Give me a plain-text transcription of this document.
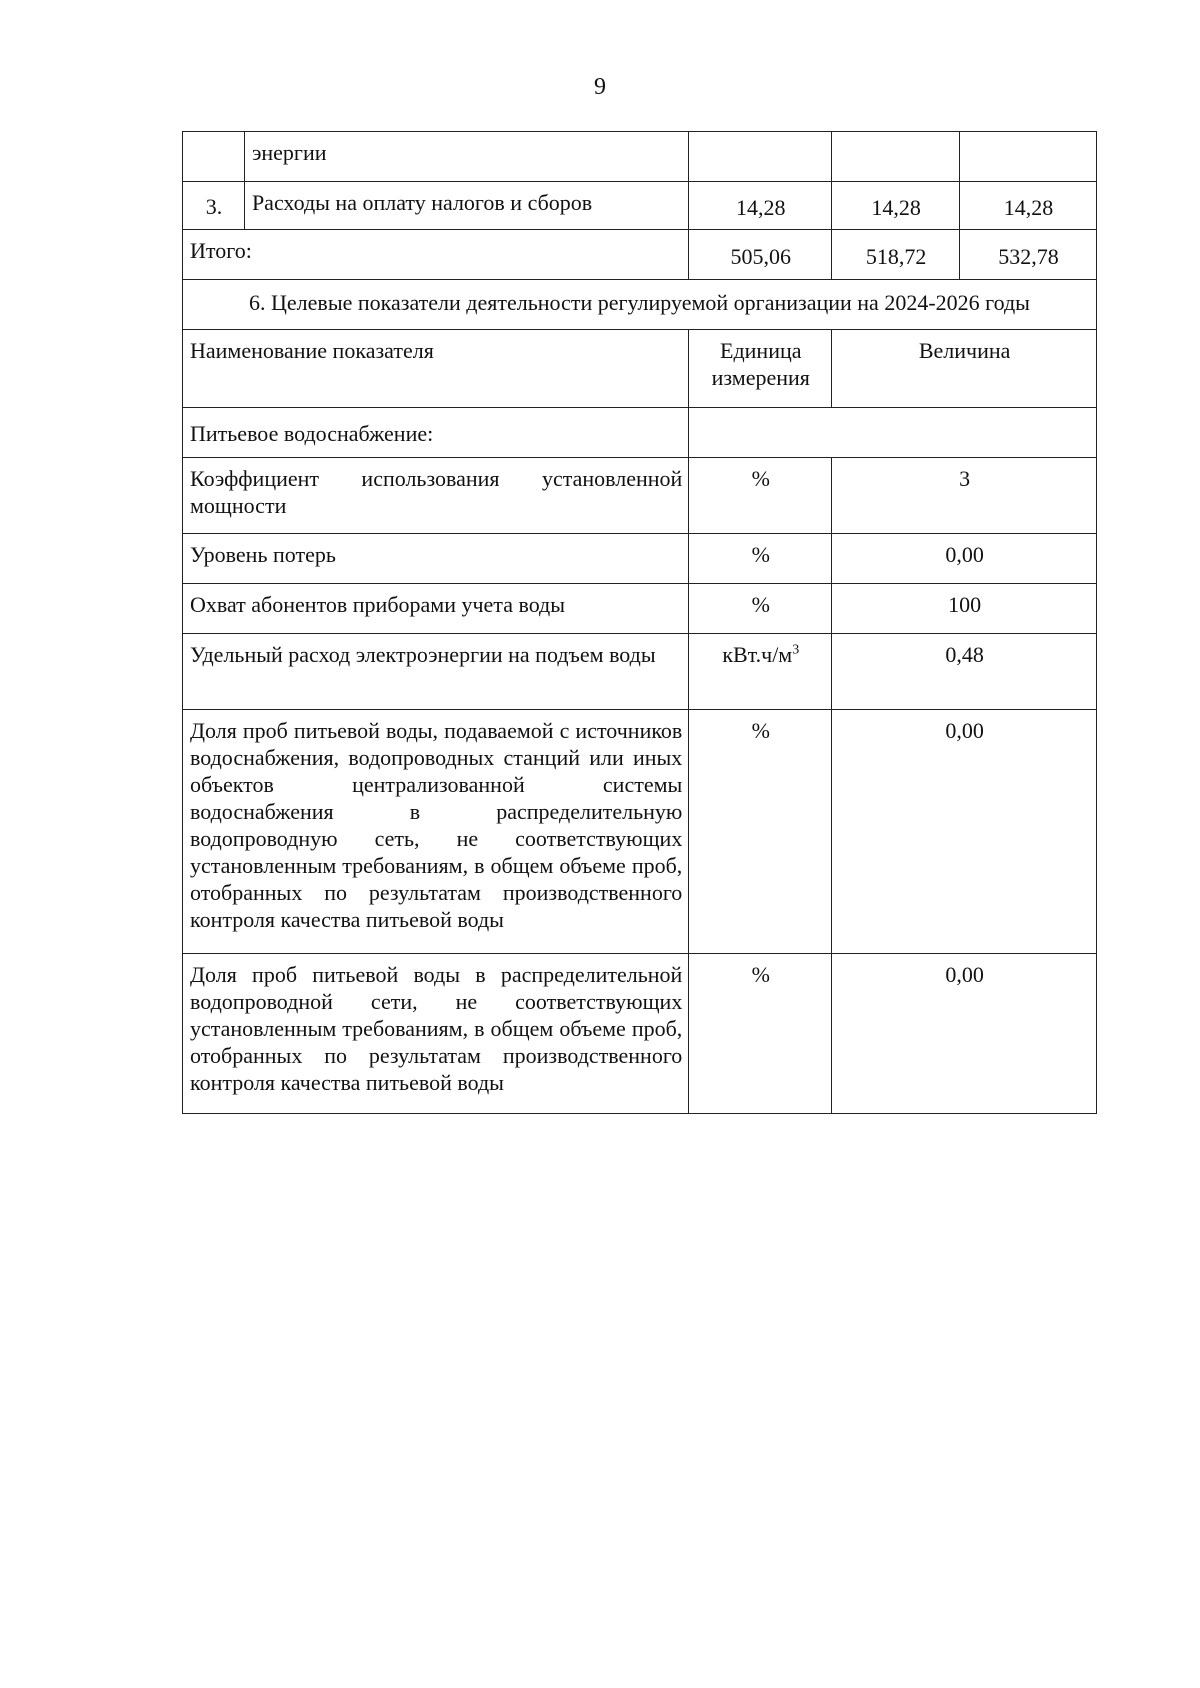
9
	энергии			
3.	Расходы на оплату налогов и сборов	14,28	14,28	14,28
Итого:		505,06	518,72	532,78
6. Целевые показатели деятельности регулируемой организации на 2024-2026 годы				
Наименование показателя		Единица измерения	Величина	
Питьевое водоснабжение:				
Коэффициент использования установленной мощности		%	3	
Уровень потерь		%	0,00	
Охват абонентов приборами учета воды		%	100	
Удельный расход электроэнергии на подъем воды		$кВт.ч/м^3$	0,48	
Доля проб питьевой воды, подаваемой с источников водоснабжения, водопроводных станций или иных объектов централизованной системы водоснабжения в распределительную водопроводную сеть, не соответствующих установленным требованиям, в общем объеме проб, отобранных по результатам производственного контроля качества питьевой воды		%	0,00	
Доля проб питьевой воды в распределительной водопроводной сети, не соответствующих установленным требованиям, в общем объеме проб, отобранных по результатам производственного контроля качества питьевой воды		%	0,00	
